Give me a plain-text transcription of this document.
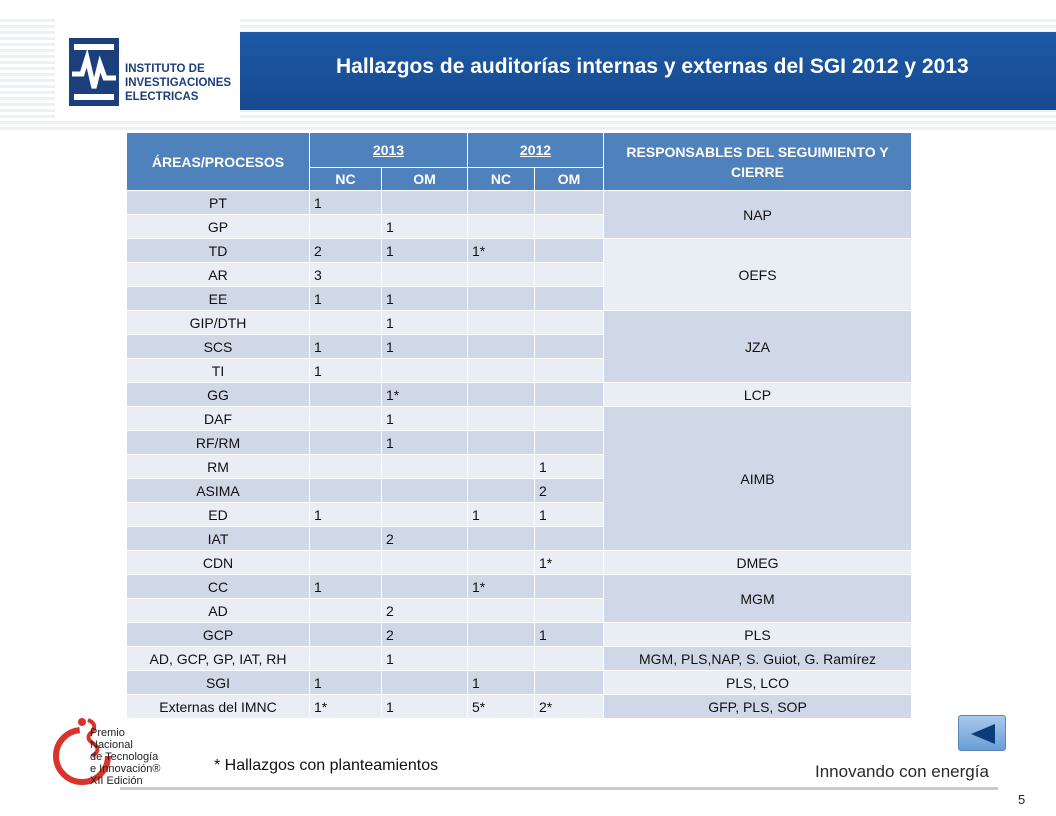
Hallazgos de auditorías internas y externas del SGI 2012 y 2013
INSTITUTO DE
INVESTIGACIONES
ELECTRICAS
ÁREAS/PROCESOS	2013		2012		RESPONSABLES DEL SEGUIMIENTO Y CIERRE
	NC	OM	NC	OM	
PT	1				NAP
GP		1			
TD	2	1	1*		OEFS
AR	3				
EE	1	1			
GIP/DTH		1			JZA
SCS	1	1			
TI	1				
GG		1*			LCP
DAF		1			AIMB
RF/RM		1			
RM				1	
ASIMA				2	
ED	1		1	1	
IAT		2			
CDN				1*	DMEG
CC	1		1*		MGM
AD		2			
GCP		2		1	PLS
AD, GCP, GP, IAT, RH		1			MGM, PLS,NAP, S. Guiot, G. Ramírez
SGI	1		1		PLS, LCO
Externas del IMNC	1*	1	5*	2*	GFP, PLS, SOP
Premio
Nacional
de Tecnología
e Innovación®
XII Edición
* Hallazgos con planteamientos	Innovando con energía
5
